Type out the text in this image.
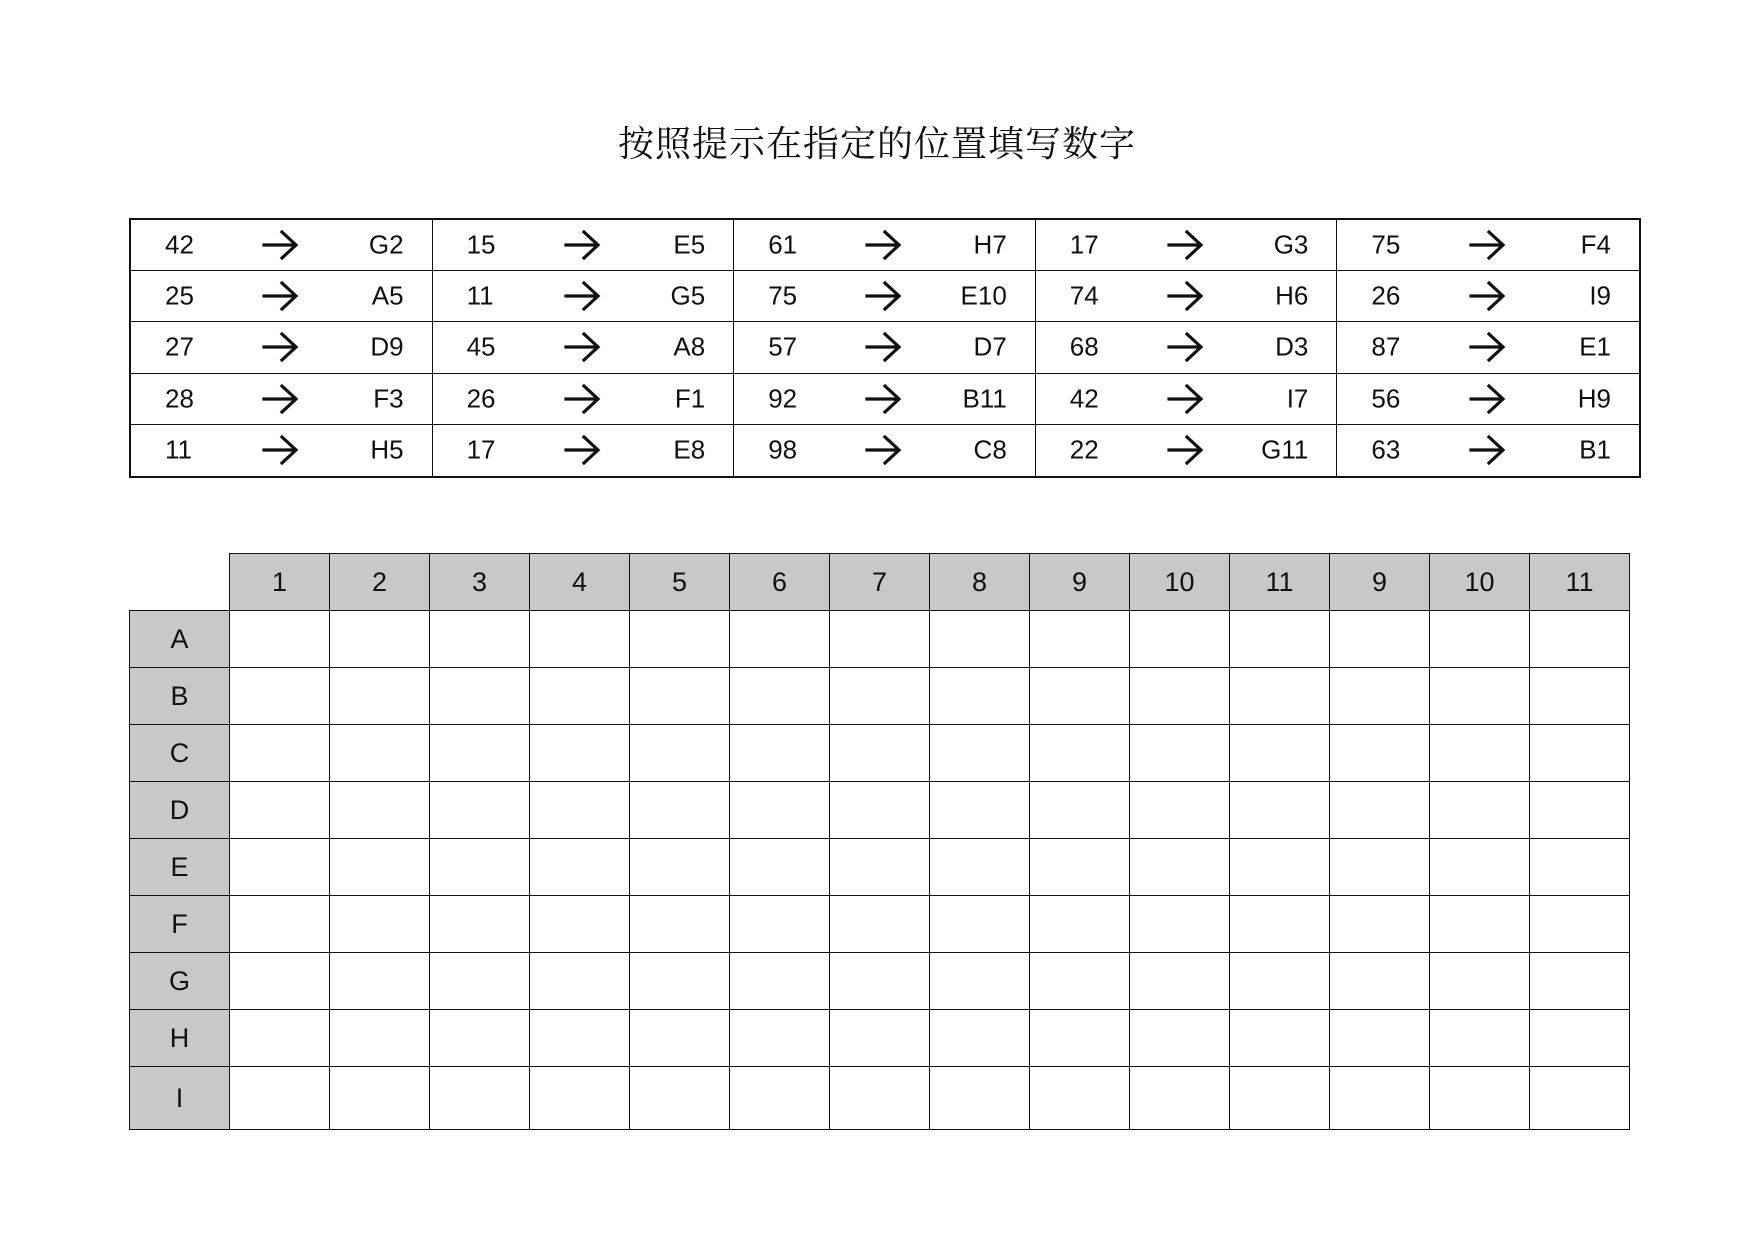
按照提示在指定的位置填写数字
42	G2 15	E5 61	H7 17	G3 75	F4
25	A5 11	G5 75	E10 74	H6 26	I9
27	D9 45	A8 57	D7 68	D3 87	E1
28	F3 26	F1 92	B11 42	I7 56	H9
11	H5 17	E8 98	C8 22	G11 63	B1
	1	2	3	4	5	6	7	8	9	10	11	9	10	11
A														
B														
C														
D														
E														
F														
G														
H														
I														
